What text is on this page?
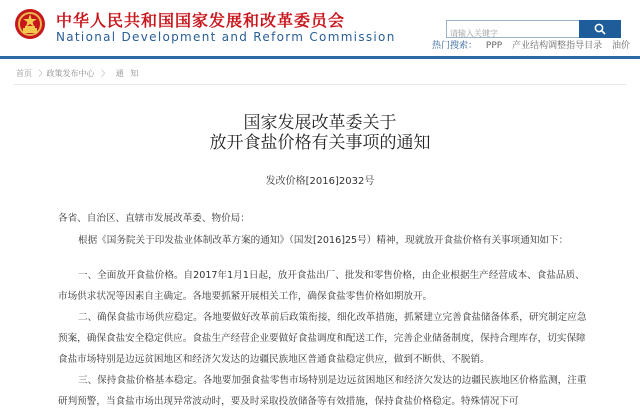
中华人民共和国国家发展和改革委员会
National Development and Reform Commission
请输入关键字
热门搜索： PPP 产业结构调整指导目录 油价
首页 〉政策发布中心 〉 通 知
国家发展改革委关于
放开食盐价格有关事项的通知
发改价格[2016]2032号
各省、自治区、直辖市发展改革委、物价局：
根据《国务院关于印发盐业体制改革方案的通知》（国发[2016]25号）精神，现就放开食盐价格有关事项通知如下：
一、全面放开食盐价格。自2017年1月1日起，放开食盐出厂、批发和零售价格，由企业根据生产经营成本、食盐品质、市场供求状况等因素自主确定。各地要抓紧开展相关工作，确保食盐零售价格如期放开。
二、确保食盐市场供应稳定。各地要做好改革前后政策衔接，细化改革措施，抓紧建立完善食盐储备体系，研究制定应急预案，确保食盐安全稳定供应。食盐生产经营企业要做好食盐调度和配送工作，完善企业储备制度，保持合理库存，切实保障食盐市场特别是边远贫困地区和经济欠发达的边疆民族地区普通食盐稳定供应，做到不断供、不脱销。
三、保持食盐价格基本稳定。各地要加强食盐零售市场特别是边远贫困地区和经济欠发达的边疆民族地区价格监测，注重研判预警，当食盐市场出现异常波动时，要及时采取投放储备等有效措施，保持食盐价格稳定。特殊情况下可
